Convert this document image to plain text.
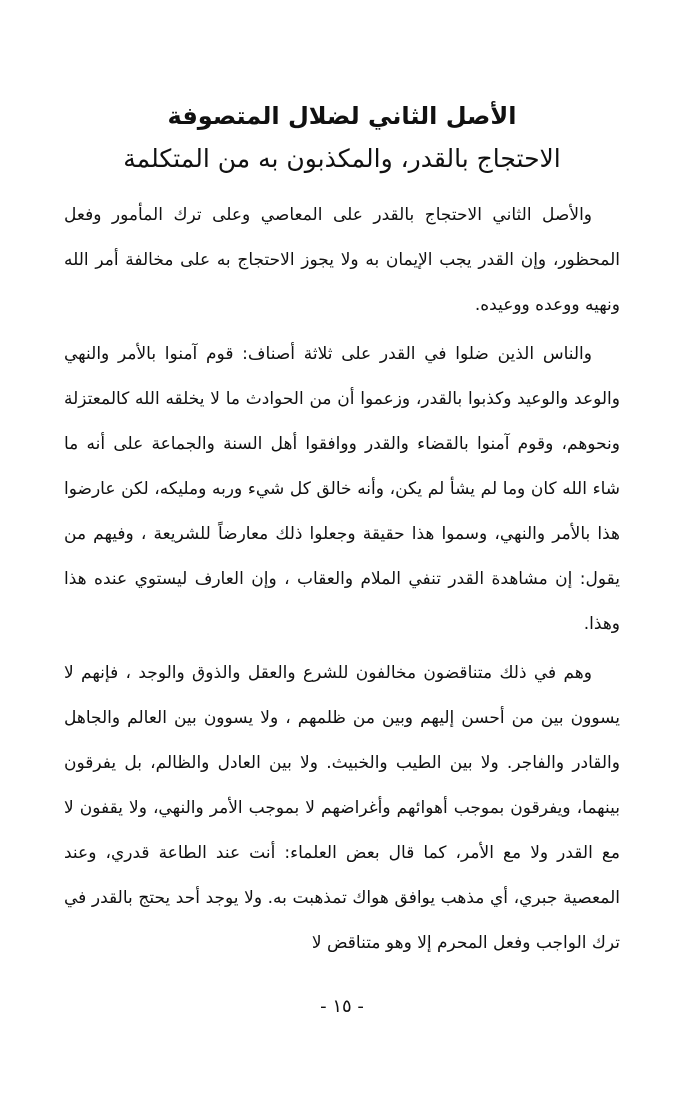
الأصل الثاني لضلال المتصوفة
الاحتجاج بالقدر، والمكذبون به من المتكلمة

والأصل الثاني الاحتجاج بالقدر على المعاصي وعلى ترك المأمور وفعل المحظور، وإن القدر يجب الإيمان به ولا يجوز الاحتجاج به على مخالفة أمر الله ونهيه ووعده ووعيده.

والناس الذين ضلوا في القدر على ثلاثة أصناف: قوم آمنوا بالأمر والنهي والوعد والوعيد وكذبوا بالقدر، وزعموا أن من الحوادث ما لا يخلقه الله كالمعتزلة ونحوهم، وقوم آمنوا بالقضاء والقدر ووافقوا أهل السنة والجماعة على أنه ما شاء الله كان وما لم يشأ لم يكن، وأنه خالق كل شيء وربه ومليكه، لكن عارضوا هذا بالأمر والنهي، وسموا هذا حقيقة وجعلوا ذلك معارضاً للشريعة ، وفيهم من يقول: إن مشاهدة القدر تنفي الملام والعقاب ، وإن العارف ليستوي عنده هذا وهذا.

وهم في ذلك متناقضون مخالفون للشرع والعقل والذوق والوجد ، فإنهم لا يسوون بين من أحسن إليهم وبين من ظلمهم ، ولا يسوون بين العالم والجاهل والقادر والفاجر. ولا بين الطيب والخبيث. ولا بين العادل والظالم، بل يفرقون بينهما، ويفرقون بموجب أهوائهم وأغراضهم لا بموجب الأمر والنهي، ولا يقفون لا مع القدر ولا مع الأمر، كما قال بعض العلماء: أنت عند الطاعة قدري، وعند المعصية جبري، أي مذهب يوافق هواك تمذهبت به. ولا يوجد أحد يحتج بالقدر في ترك الواجب وفعل المحرم إلا وهو متناقض لا

- ١٥ -
